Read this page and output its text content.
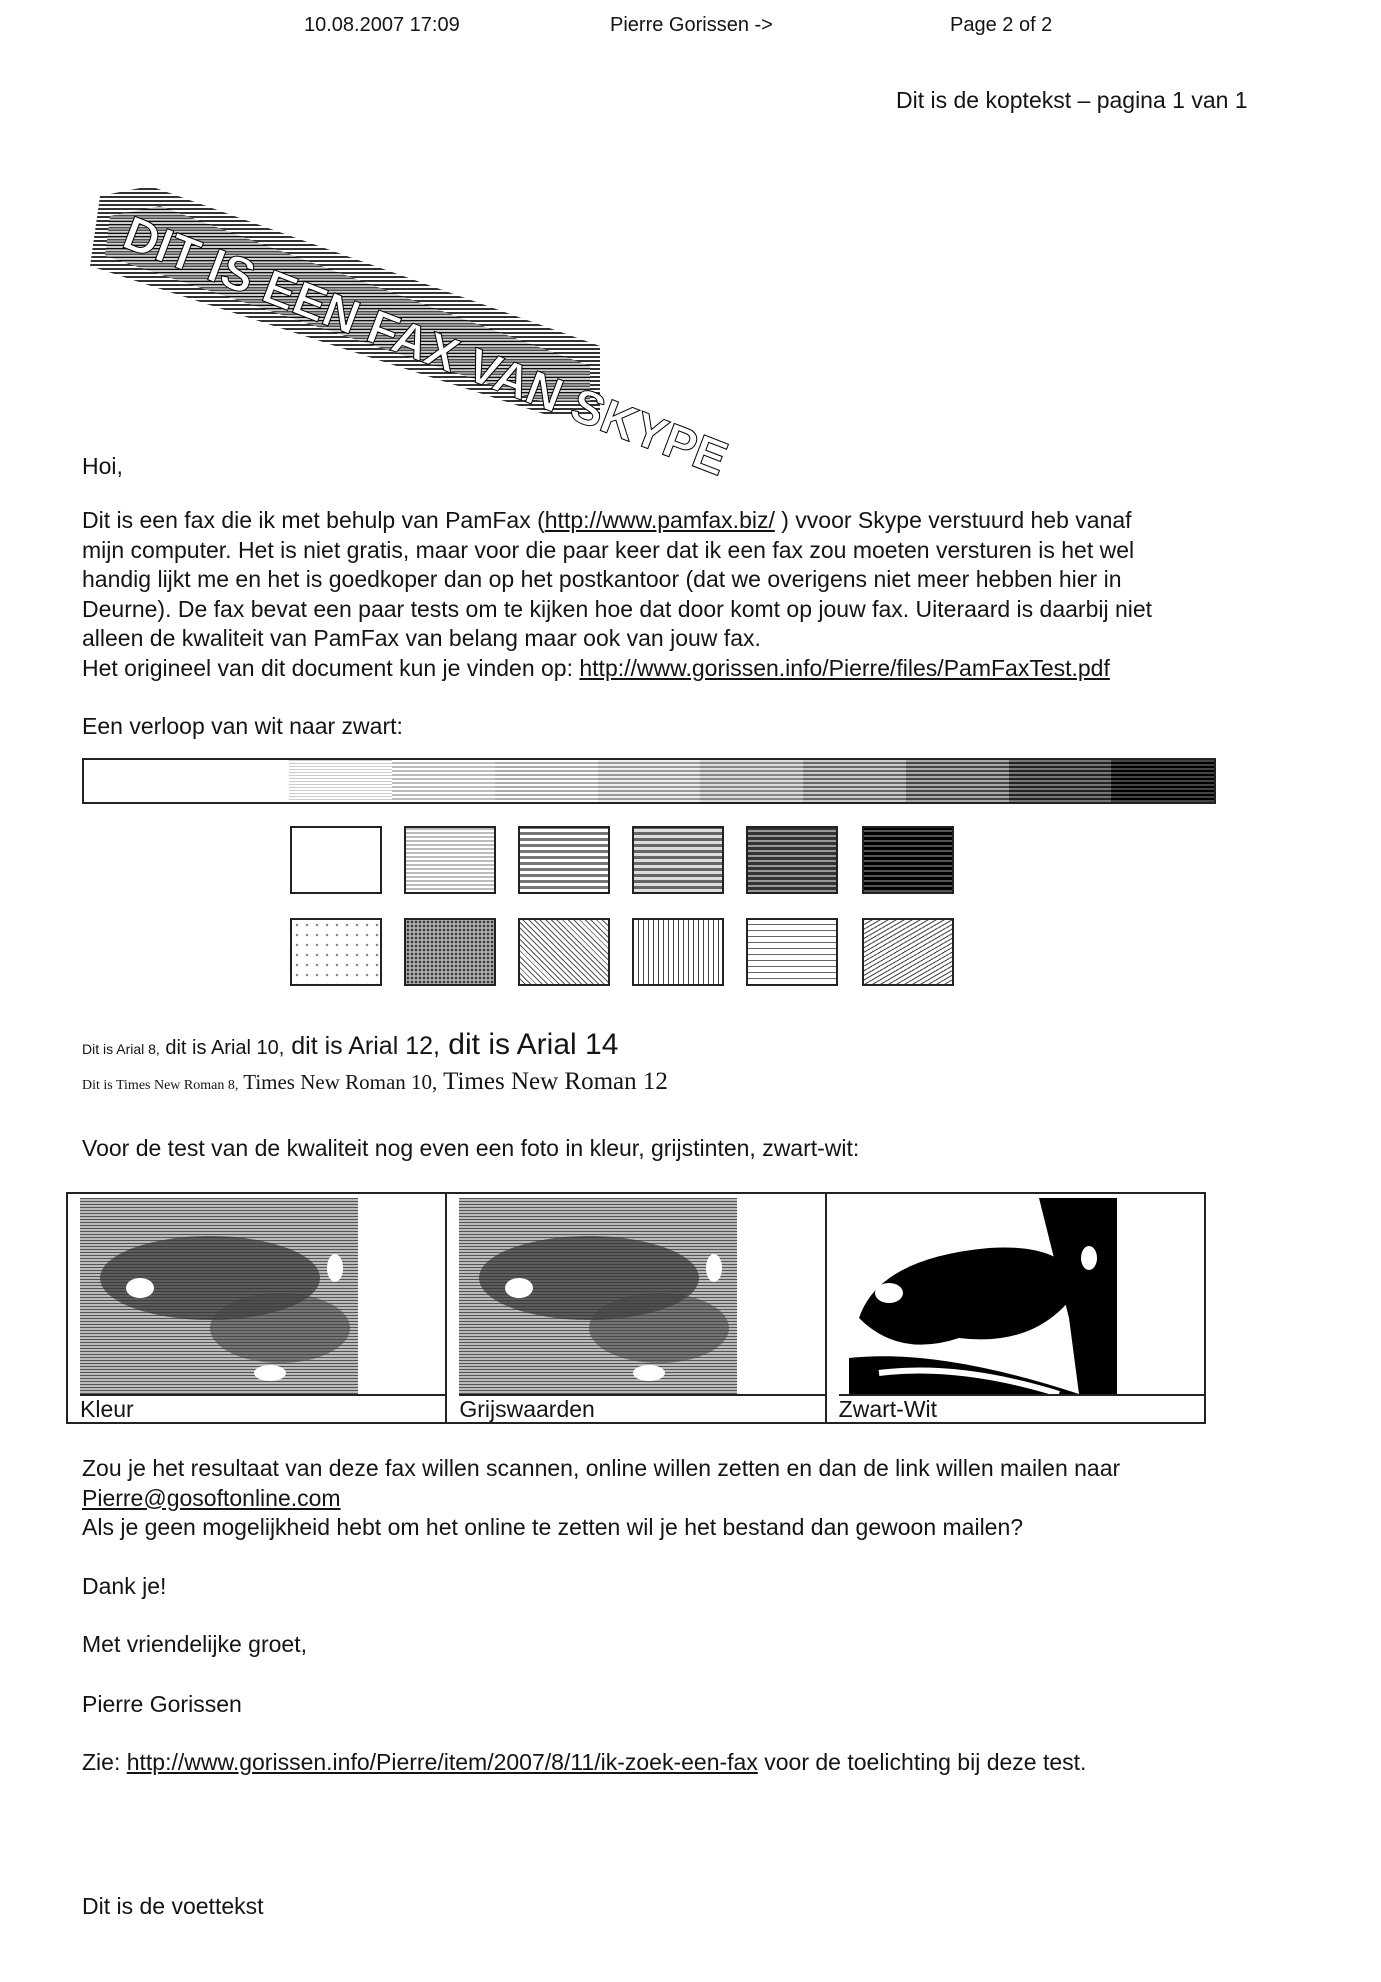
10.08.2007 17:09	Pierre Gorissen ->	Page 2 of 2
Dit is de koptekst – pagina 1 van 1
DIT IS EEN FAX VAN SKYPE
Hoi,
Dit is een fax die ik met behulp van PamFax (http://www.pamfax.biz/ ) vvoor Skype verstuurd heb vanaf
mijn computer. Het is niet gratis, maar voor die paar keer dat ik een fax zou moeten versturen is het wel
handig lijkt me en het is goedkoper dan op het postkantoor (dat we overigens niet meer hebben hier in
Deurne). De fax bevat een paar tests om te kijken hoe dat door komt op jouw fax. Uiteraard is daarbij niet
alleen de kwaliteit van PamFax van belang maar ook van jouw fax.
Het origineel van dit document kun je vinden op: http://www.gorissen.info/Pierre/files/PamFaxTest.pdf
Een verloop van wit naar zwart:
Dit is Arial 8, dit is Arial 10, dit is Arial 12, dit is Arial 14
Dit is Times New Roman 8, Times New Roman 10, Times New Roman 12
Voor de test van de kwaliteit nog even een foto in kleur, grijstinten, zwart-wit:
Kleur	Grijswaarden	Zwart-Wit
Zou je het resultaat van deze fax willen scannen, online willen zetten en dan de link willen mailen naar
Pierre@gosoftonline.com
Als je geen mogelijkheid hebt om het online te zetten wil je het bestand dan gewoon mailen?
Dank je!
Met vriendelijke groet,
Pierre Gorissen
Zie: http://www.gorissen.info/Pierre/item/2007/8/11/ik-zoek-een-fax voor de toelichting bij deze test.
Dit is de voettekst
